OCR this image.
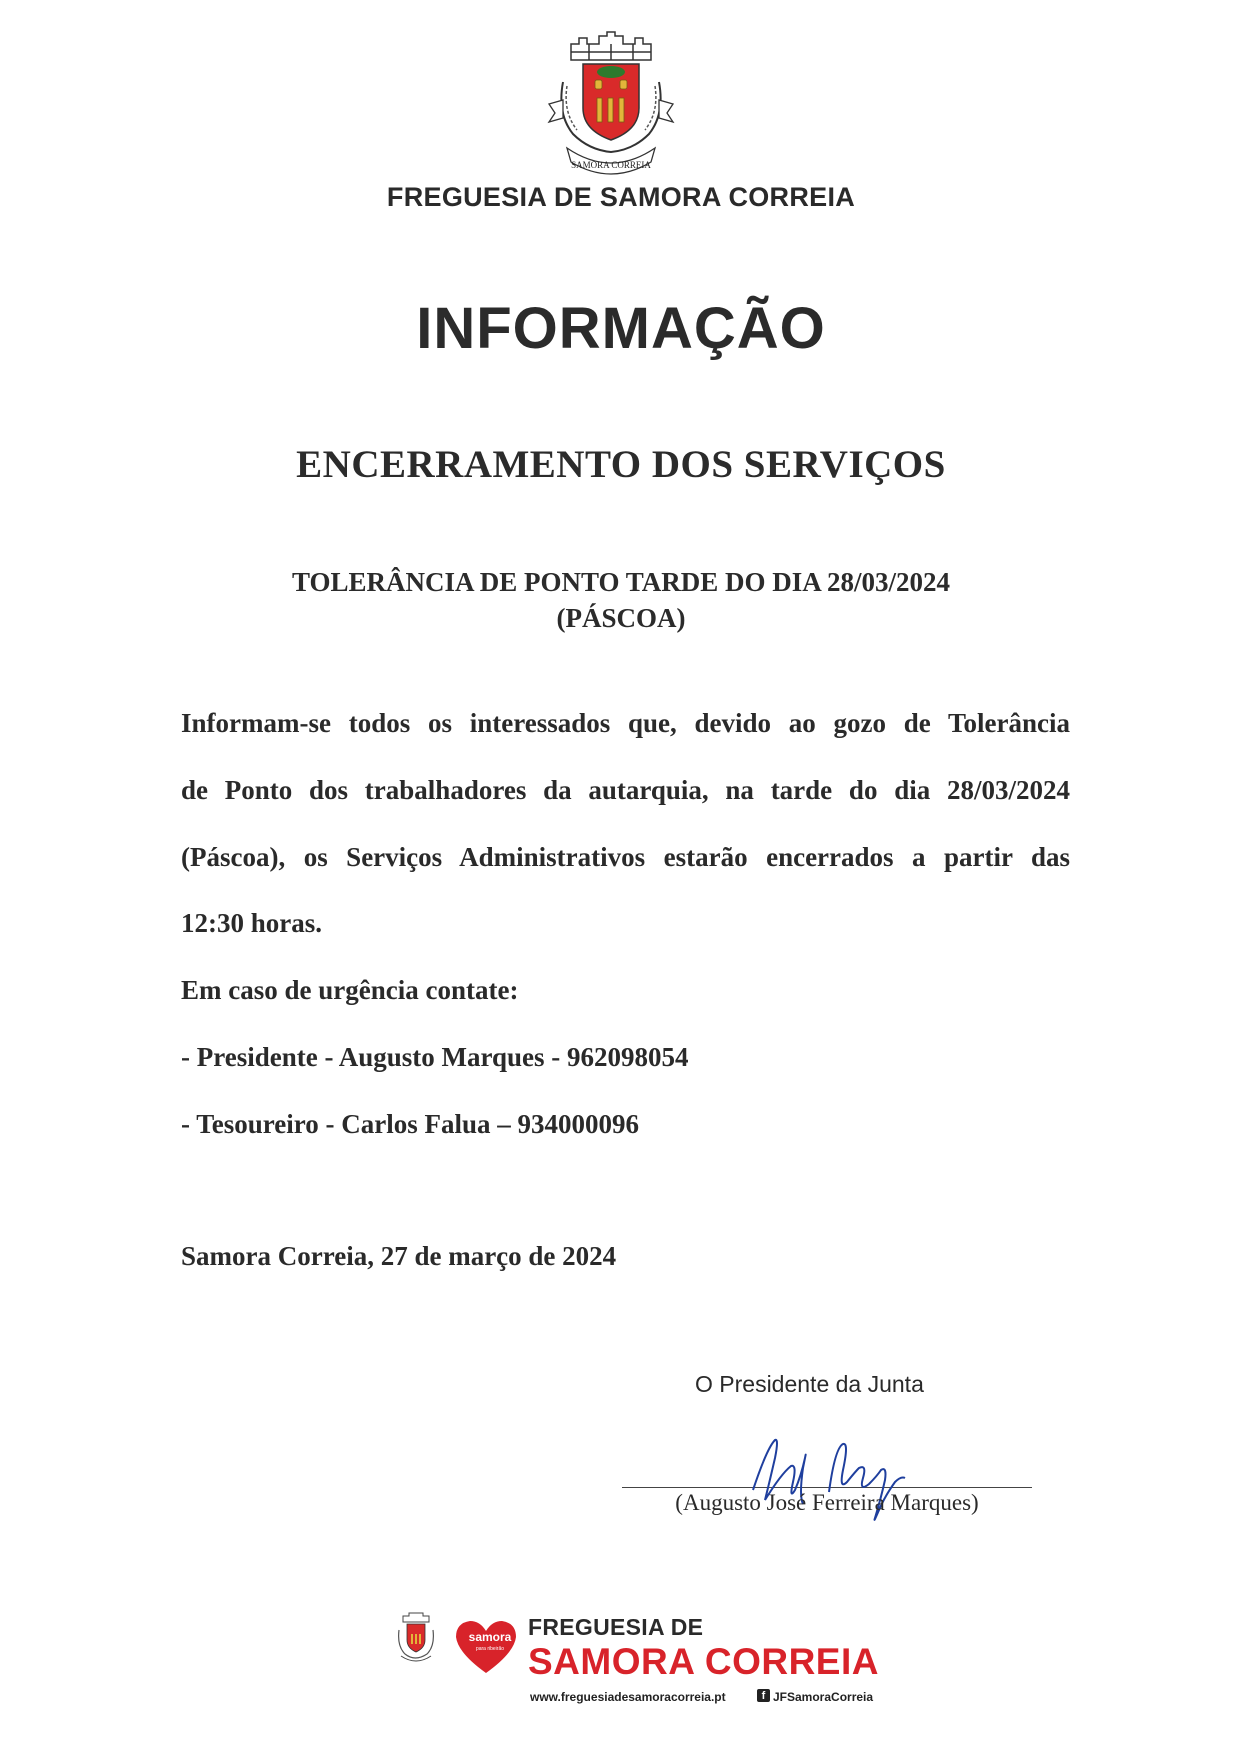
SAMORA CORREIA
FREGUESIA DE SAMORA CORREIA
INFORMAÇÃO
ENCERRAMENTO DOS SERVIÇOS
TOLERÂNCIA DE PONTO TARDE DO DIA 28/03/2024
(PÁSCOA)
Informam-se todos os interessados que, devido ao gozo de Tolerância
de Ponto dos trabalhadores da autarquia, na tarde do dia 28/03/2024
(Páscoa), os Serviços Administrativos estarão encerrados a partir das
12:30 horas.
Em caso de urgência contate:
- Presidente - Augusto Marques - 962098054
- Tesoureiro - Carlos Falua – 934000096
Samora Correia, 27 de março de 2024
O Presidente da Junta
(Augusto José Ferreira Marques)
samora
para ribeirão
FREGUESIA DE
SAMORA CORREIA
www.freguesiadesamoracorreia.pt	f JFSamoraCorreia
